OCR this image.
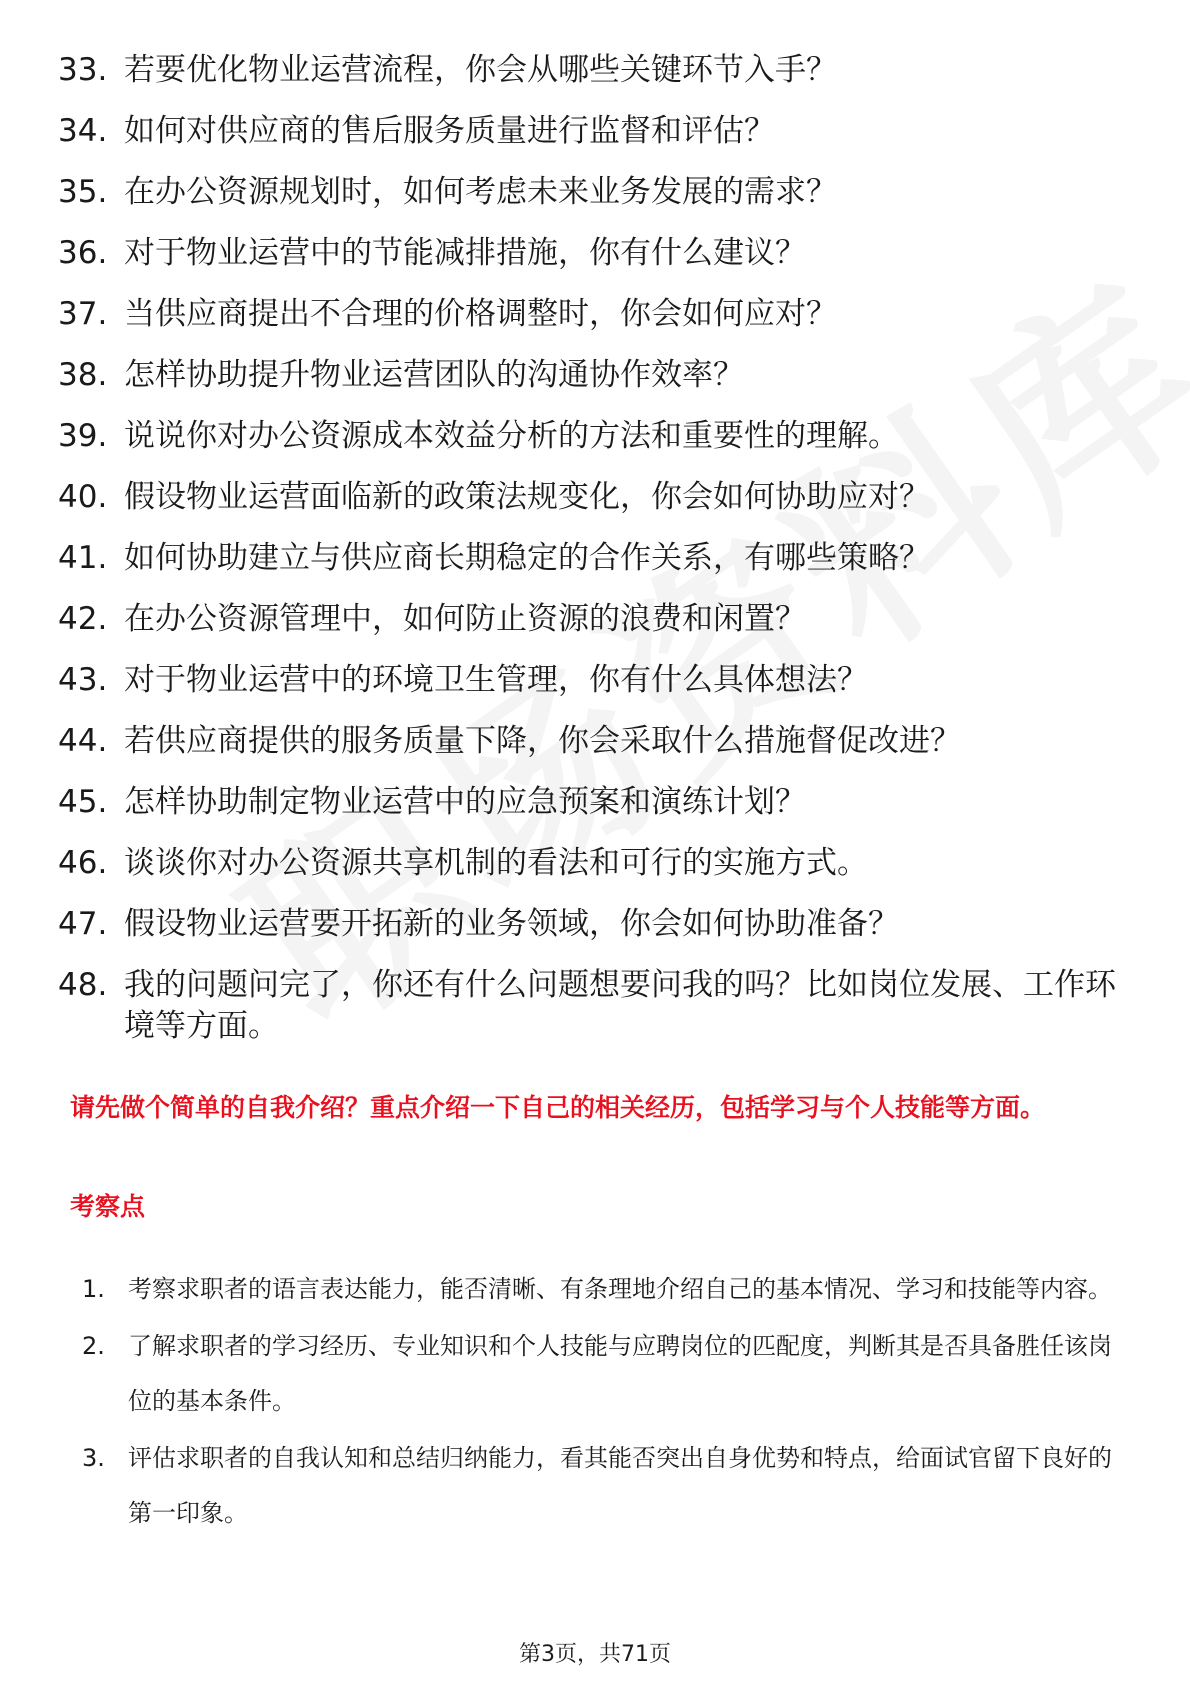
33. 若要优化物业运营流程，你会从哪些关键环节入手？
34. 如何对供应商的售后服务质量进行监督和评估？
35. 在办公资源规划时，如何考虑未来业务发展的需求？
36. 对于物业运营中的节能减排措施，你有什么建议？
37. 当供应商提出不合理的价格调整时，你会如何应对？
38. 怎样协助提升物业运营团队的沟通协作效率？
39. 说说你对办公资源成本效益分析的方法和重要性的理解。
40. 假设物业运营面临新的政策法规变化，你会如何协助应对？
41. 如何协助建立与供应商长期稳定的合作关系，有哪些策略？
42. 在办公资源管理中，如何防止资源的浪费和闲置？
43. 对于物业运营中的环境卫生管理，你有什么具体想法？
44. 若供应商提供的服务质量下降，你会采取什么措施督促改进？
45. 怎样协助制定物业运营中的应急预案和演练计划？
46. 谈谈你对办公资源共享机制的看法和可行的实施方式。
47. 假设物业运营要开拓新的业务领域，你会如何协助准备？
48. 我的问题问完了，你还有什么问题想要问我的吗？比如岗位发展、工作环境等方面。
请先做个简单的自我介绍？重点介绍一下自己的相关经历，包括学习与个人技能等方面。
考察点
1. 考察求职者的语言表达能力，能否清晰、有条理地介绍自己的基本情况、学习和技能等内容。
2. 了解求职者的学习经历、专业知识和个人技能与应聘岗位的匹配度，判断其是否具备胜任该岗位的基本条件。
3. 评估求职者的自我认知和总结归纳能力，看其能否突出自身优势和特点，给面试官留下良好的第一印象。
第3页，共71页
